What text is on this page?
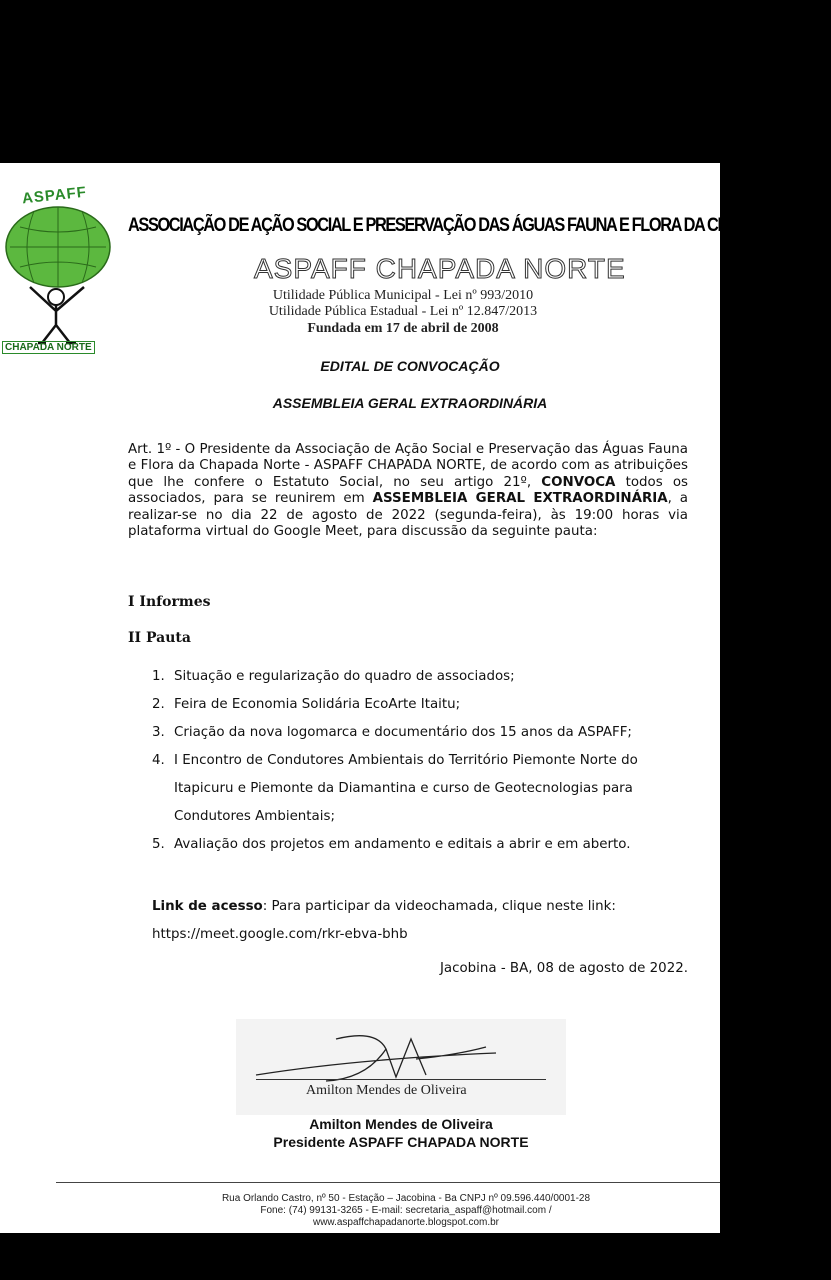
ASPAFF
CHAPADA NORTE
ASSOCIAÇÃO DE AÇÃO SOCIAL E PRESERVAÇÃO DAS ÁGUAS FAUNA E FLORA DA CHAPADA NORTE
ASPAFF CHAPADA NORTE
Utilidade Pública Municipal - Lei nº 993/2010
Utilidade Pública Estadual - Lei nº 12.847/2013
Fundada em 17 de abril de 2008
EDITAL DE CONVOCAÇÃO
ASSEMBLEIA GERAL EXTRAORDINÁRIA
Art. 1º - O Presidente da Associação de Ação Social e Preservação das Águas Fauna e Flora da Chapada Norte - ASPAFF CHAPADA NORTE, de acordo com as atribuições que lhe confere o Estatuto Social, no seu artigo 21º, CONVOCA todos os associados, para se reunirem em ASSEMBLEIA GERAL EXTRAORDINÁRIA, a realizar-se no dia 22 de agosto de 2022 (segunda-feira), às 19:00 horas via plataforma virtual do Google Meet, para discussão da seguinte pauta:
I Informes
II Pauta
1. Situação e regularização do quadro de associados;
2. Feira de Economia Solidária EcoArte Itaitu;
3. Criação da nova logomarca e documentário dos 15 anos da ASPAFF;
4. I Encontro de Condutores Ambientais do Território Piemonte Norte do Itapicuru e Piemonte da Diamantina e curso de Geotecnologias para Condutores Ambientais;
5. Avaliação dos projetos em andamento e editais a abrir e em aberto.
Link de acesso: Para participar da videochamada, clique neste link:
https://meet.google.com/rkr-ebva-bhb
Jacobina - BA, 08 de agosto de 2022.
Amilton Mendes de Oliveira
Amilton Mendes de Oliveira
Presidente ASPAFF CHAPADA NORTE
Rua Orlando Castro, nº 50 - Estação – Jacobina - Ba CNPJ nº 09.596.440/0001-28
Fone: (74) 99131-3265 - E-mail: secretaria_aspaff@hotmail.com /
www.aspaffchapadanorte.blogspot.com.br
